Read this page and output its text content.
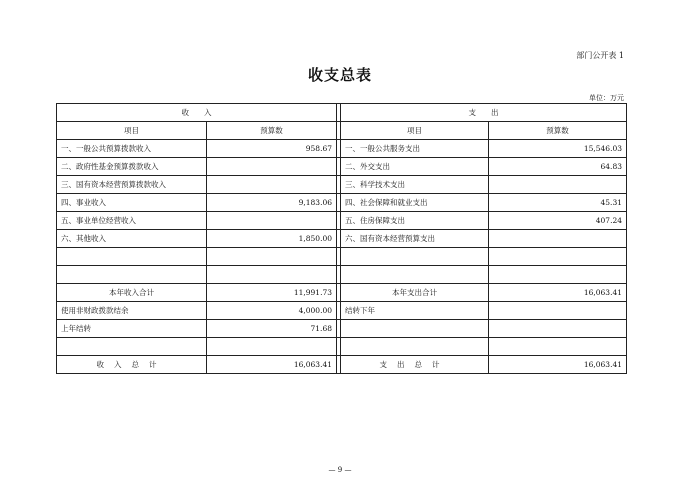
部门公开表 1
收支总表
单位：万元
收　　入			支　　出	
项目	预算数		项目	预算数
一、一般公共预算拨款收入	958.67		一、一般公共服务支出	15,546.03
二、政府性基金预算拨款收入			二、外交支出	64.83
三、国有资本经营预算拨款收入			三、科学技术支出	
四、事业收入	9,183.06		四、社会保障和就业支出	45.31
五、事业单位经营收入			五、住房保障支出	407.24
六、其他收入	1,850.00		六、国有资本经营预算支出	

本年收入合计	11,991.73		本年支出合计	16,063.41
使用非财政拨款结余	4,000.00		结转下年	
上年结转	71.68			

收入总计	16,063.41		支出总计	16,063.41
— 9 —
